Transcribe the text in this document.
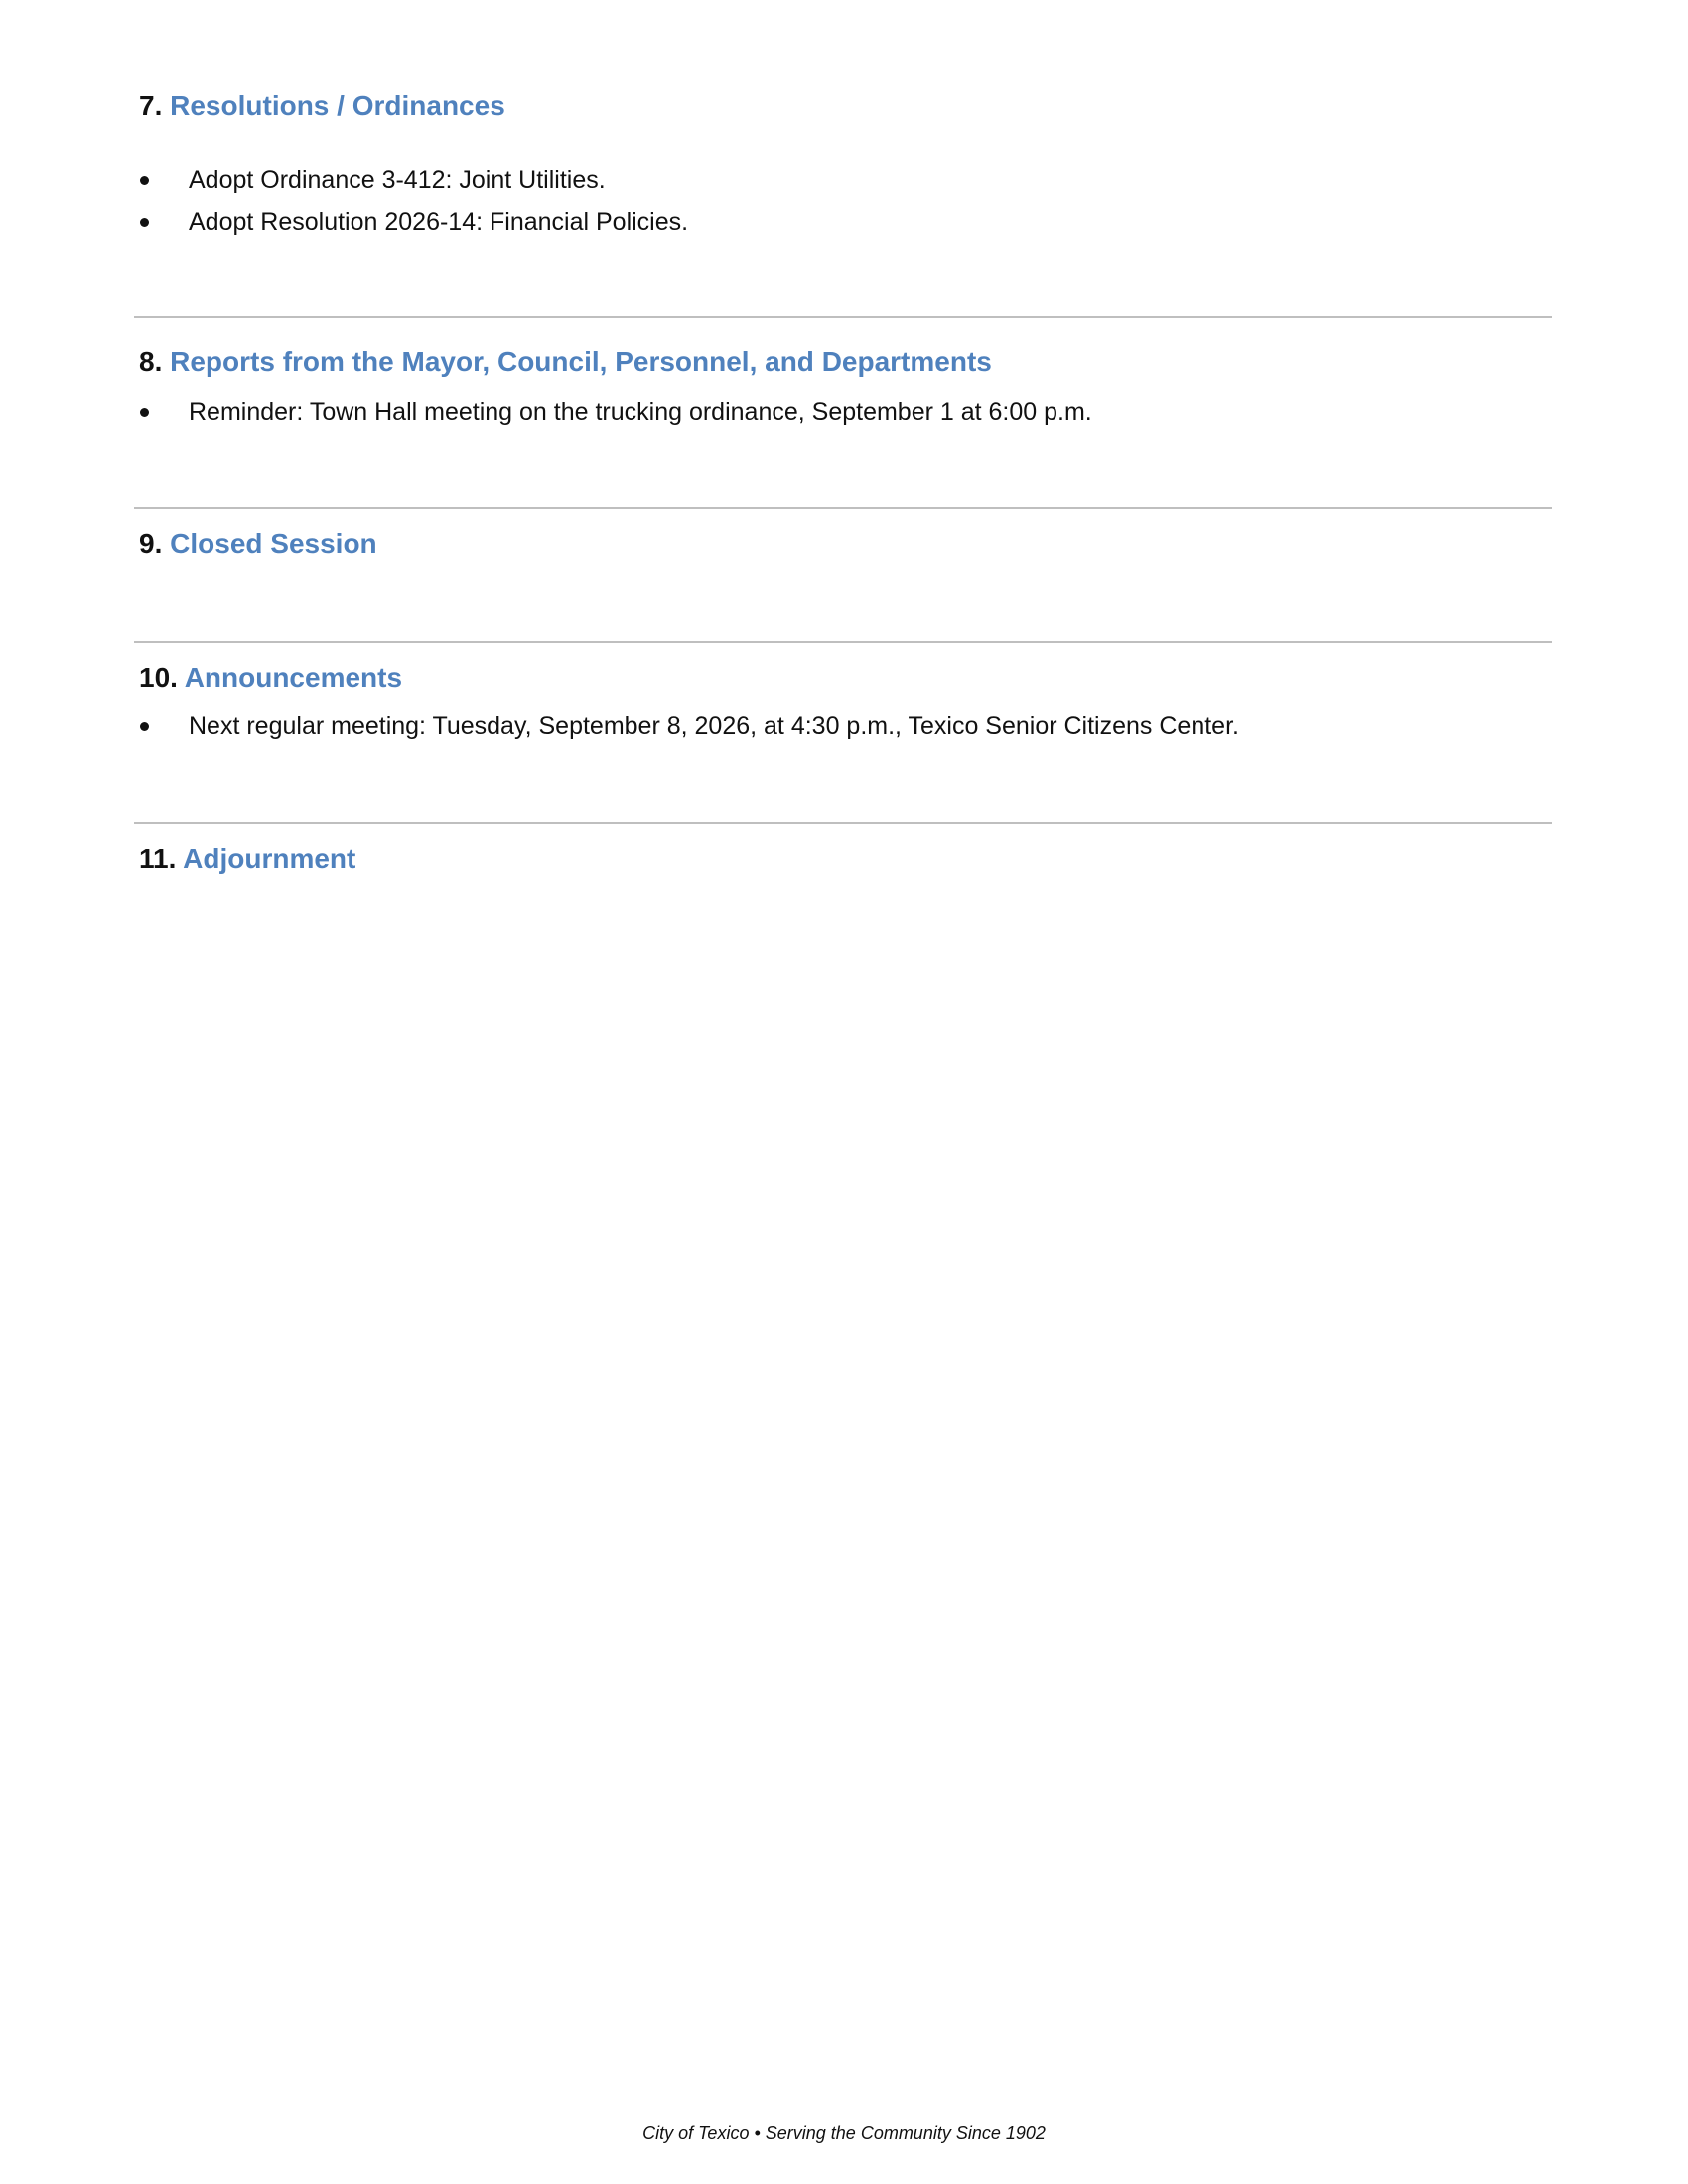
7. Resolutions / Ordinances
Adopt Ordinance 3-412: Joint Utilities.
Adopt Resolution 2026-14: Financial Policies.
8. Reports from the Mayor, Council, Personnel, and Departments
Reminder: Town Hall meeting on the trucking ordinance, September 1 at 6:00 p.m.
9. Closed Session
10. Announcements
Next regular meeting: Tuesday, September 8, 2026, at 4:30 p.m., Texico Senior Citizens Center.
11. Adjournment
City of Texico • Serving the Community Since 1902
